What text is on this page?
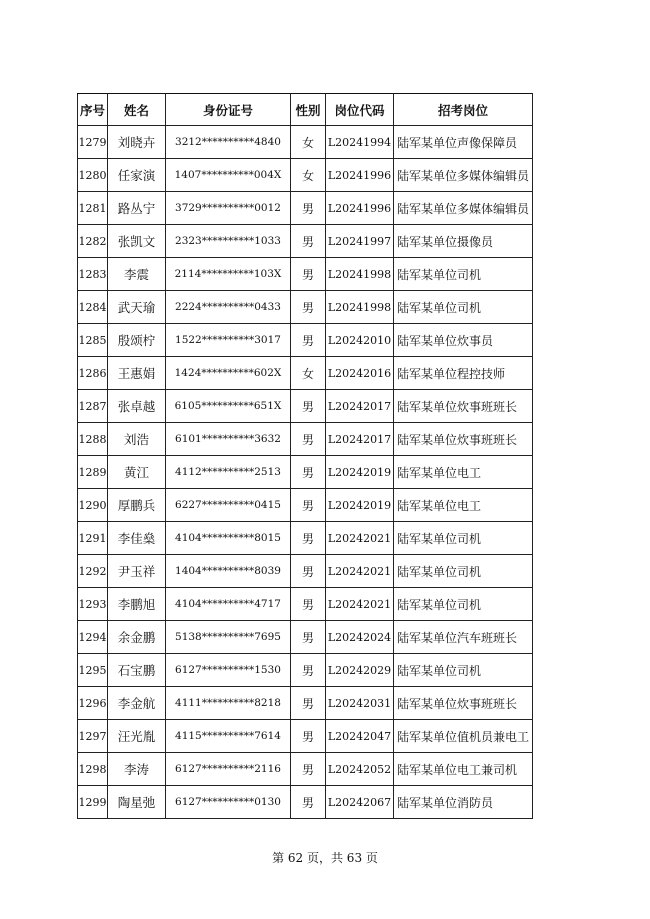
序号	姓名	身份证号	性别	岗位代码	招考岗位
1279	刘晓卉	3212**********4840	女	L20241994	陆军某单位声像保障员
1280	任家演	1407**********004X	女	L20241996	陆军某单位多媒体编辑员
1281	路丛宁	3729**********0012	男	L20241996	陆军某单位多媒体编辑员
1282	张凯文	2323**********1033	男	L20241997	陆军某单位摄像员
1283	李震	2114**********103X	男	L20241998	陆军某单位司机
1284	武天瑜	2224**********0433	男	L20241998	陆军某单位司机
1285	殷颂柠	1522**********3017	男	L20242010	陆军某单位炊事员
1286	王惠娟	1424**********602X	女	L20242016	陆军某单位程控技师
1287	张卓越	6105**********651X	男	L20242017	陆军某单位炊事班班长
1288	刘浩	6101**********3632	男	L20242017	陆军某单位炊事班班长
1289	黄江	4112**********2513	男	L20242019	陆军某单位电工
1290	厚鹏兵	6227**********0415	男	L20242019	陆军某单位电工
1291	李佳燊	4104**********8015	男	L20242021	陆军某单位司机
1292	尹玉祥	1404**********8039	男	L20242021	陆军某单位司机
1293	李鹏旭	4104**********4717	男	L20242021	陆军某单位司机
1294	余金鹏	5138**********7695	男	L20242024	陆军某单位汽车班班长
1295	石宝鹏	6127**********1530	男	L20242029	陆军某单位司机
1296	李金航	4111**********8218	男	L20242031	陆军某单位炊事班班长
1297	汪光胤	4115**********7614	男	L20242047	陆军某单位值机员兼电工
1298	李涛	6127**********2116	男	L20242052	陆军某单位电工兼司机
1299	陶星弛	6127**********0130	男	L20242067	陆军某单位消防员
第 62 页，共 63 页
